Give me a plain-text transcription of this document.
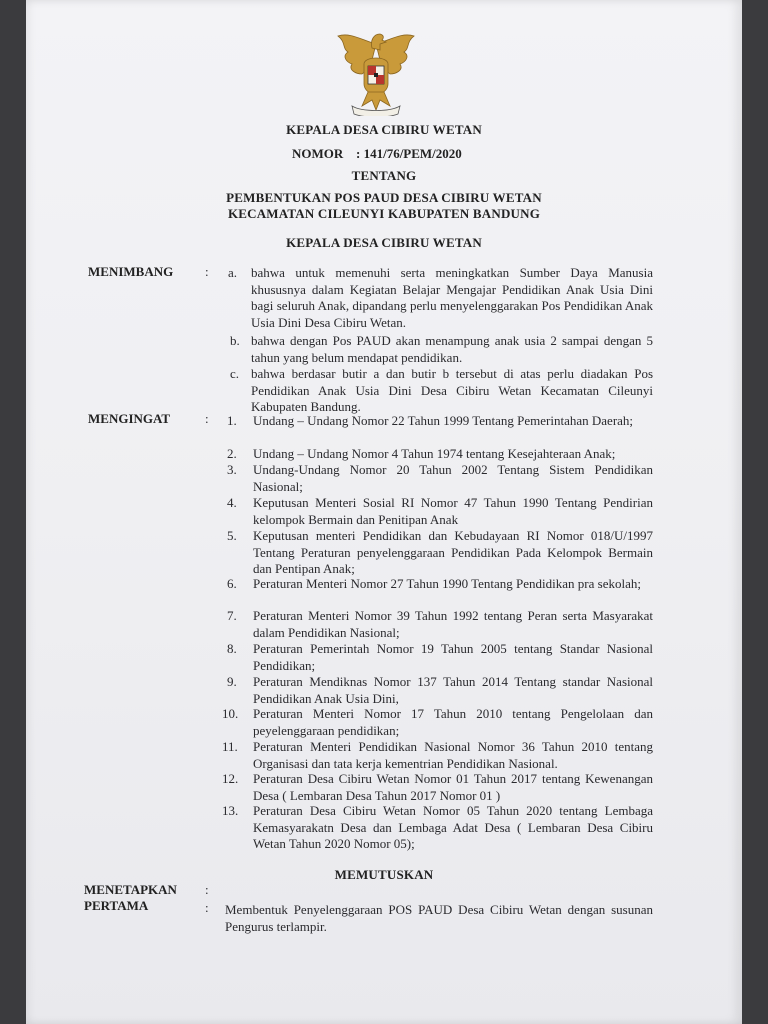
KEPALA DESA CIBIRU WETAN
NOMOR : 141/76/PEM/2020
TENTANG
PEMBENTUKAN POS PAUD DESA CIBIRU WETAN
KECAMATAN CILEUNYI KABUPATEN BANDUNG
KEPALA DESA CIBIRU WETAN
MENIMBANG : a. bahwa untuk memenuhi serta meningkatkan Sumber Daya Manusia khususnya dalam Kegiatan Belajar Mengajar Pendidikan Anak Usia Dini bagi seluruh Anak, dipandang perlu menyelenggarakan Pos Pendidikan Anak Usia Dini Desa Cibiru Wetan.
b. bahwa dengan Pos PAUD akan menampung anak usia 2 sampai dengan 5 tahun yang belum mendapat pendidikan.
c. bahwa berdasar butir a dan butir b tersebut di atas perlu diadakan Pos Pendidikan Anak Usia Dini Desa Cibiru Wetan Kecamatan Cileunyi Kabupaten Bandung.
MENGINGAT	: 1. Undang – Undang Nomor 22 Tahun 1999 Tentang Pemerintahan Daerah;
2. Undang – Undang Nomor 4 Tahun 1974 tentang Kesejahteraan Anak;
3. Undang-Undang Nomor 20 Tahun 2002 Tentang Sistem Pendidikan Nasional;
4. Keputusan Menteri Sosial RI Nomor 47 Tahun 1990 Tentang Pendirian kelompok Bermain dan Penitipan Anak
5. Keputusan menteri Pendidikan dan Kebudayaan RI Nomor 018/U/1997 Tentang Peraturan penyelenggaraan Pendidikan Pada Kelompok Bermain dan Pentipan Anak;
6. Peraturan Menteri Nomor 27 Tahun 1990 Tentang Pendidikan pra sekolah;
7. Peraturan Menteri Nomor 39 Tahun 1992 tentang Peran serta Masyarakat dalam Pendidikan Nasional;
8. Peraturan Pemerintah Nomor 19 Tahun 2005 tentang Standar Nasional Pendidikan;
9. Peraturan Mendiknas Nomor 137 Tahun 2014 Tentang standar Nasional Pendidikan Anak Usia Dini,
10. Peraturan Menteri Nomor 17 Tahun 2010 tentang Pengelolaan dan peyelenggaraan pendidikan;
11. Peraturan Menteri Pendidikan Nasional Nomor 36 Tahun 2010 tentang Organisasi dan tata kerja kementrian Pendidikan Nasional.
12. Peraturan Desa Cibiru Wetan Nomor 01 Tahun 2017 tentang Kewenangan Desa ( Lembaran Desa Tahun 2017 Nomor 01 )
13. Peraturan Desa Cibiru Wetan Nomor 05 Tahun 2020 tentang Lembaga Kemasyarakatn Desa dan Lembaga Adat Desa ( Lembaran Desa Cibiru Wetan Tahun 2020 Nomor 05);
MEMUTUSKAN
MENETAPKAN :
PERTAMA	: Membentuk Penyelenggaraan POS PAUD Desa Cibiru Wetan dengan susunan Pengurus terlampir.
